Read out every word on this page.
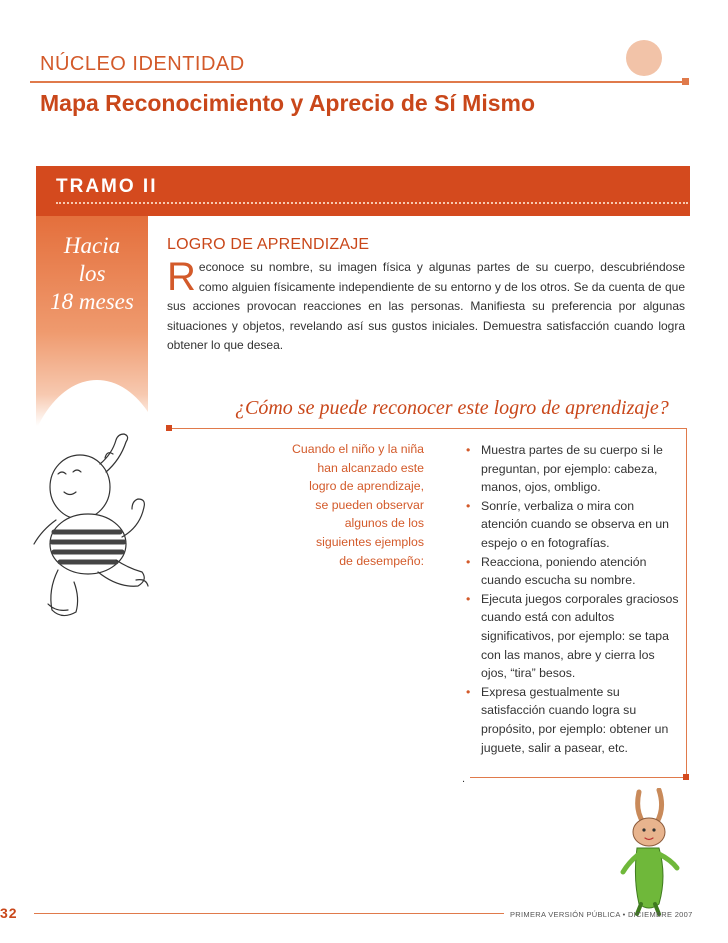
NÚCLEO IDENTIDAD
Mapa Reconocimiento y Aprecio de Sí Mismo
TRAMO II
Hacia
los
18 meses
LOGRO DE APRENDIZAJE
R econoce su nombre, su imagen física y algunas partes de su cuerpo, descubriéndose como alguien físicamente independiente de su entorno y de los otros. Se da cuenta de que sus acciones provocan reacciones en las personas. Manifiesta su preferencia por algunas situaciones y objetos, revelando así sus gustos iniciales. Demuestra satisfacción cuando logra obtener lo que desea.
¿Cómo se puede reconocer este logro de aprendizaje?
Cuando el niño y la niña
han alcanzado este
logro de aprendizaje,
se pueden observar
algunos de los
siguientes ejemplos
de desempeño:
• Muestra partes de su cuerpo si le preguntan, por ejemplo: cabeza, manos, ojos, ombligo.
• Sonríe, verbaliza o mira con atención cuando se observa en un espejo o en fotografías.
• Reacciona, poniendo atención cuando escucha su nombre.
• Ejecuta juegos corporales graciosos cuando está con adultos significativos, por ejemplo: se tapa con las manos, abre y cierra los ojos, “tira” besos.
• Expresa gestualmente su satisfacción cuando logra su propósito, por ejemplo: obtener un juguete, salir a pasear, etc.
.
32	PRIMERA VERSIÓN PÚBLICA • DICIEMBRE 2007
